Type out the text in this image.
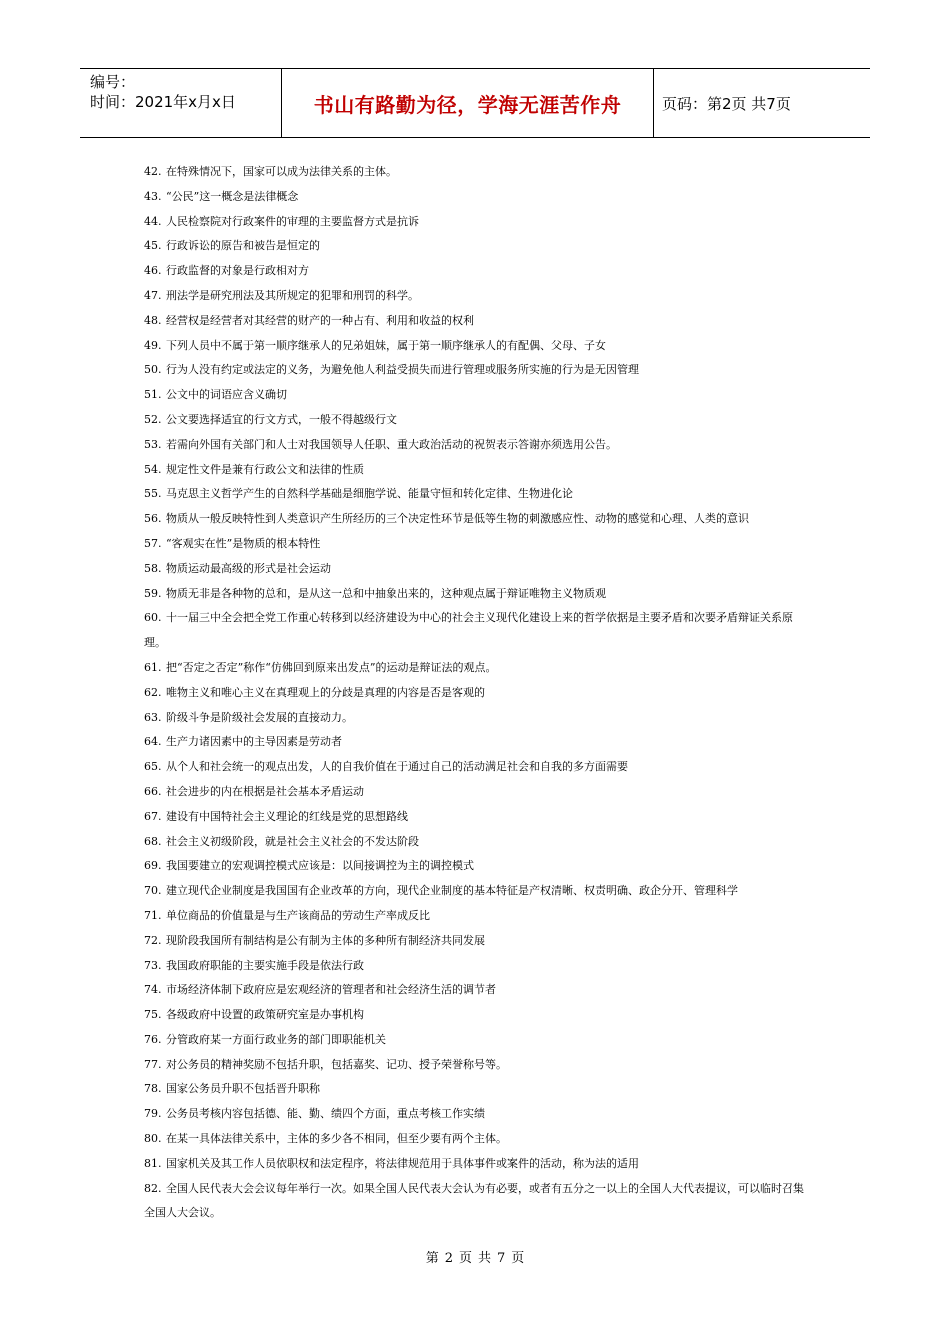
编号：
时间：2021年x月x日	书山有路勤为径，学海无涯苦作舟	页码：第2页 共7页
42. 在特殊情况下，国家可以成为法律关系的主体。
43. “公民”这一概念是法律概念
44. 人民检察院对行政案件的审理的主要监督方式是抗诉
45. 行政诉讼的原告和被告是恒定的
46. 行政监督的对象是行政相对方
47. 刑法学是研究刑法及其所规定的犯罪和刑罚的科学。
48. 经营权是经营者对其经营的财产的一种占有、利用和收益的权利
49. 下列人员中不属于第一顺序继承人的兄弟姐妹，属于第一顺序继承人的有配偶、父母、子女
50. 行为人没有约定或法定的义务，为避免他人利益受损失而进行管理或服务所实施的行为是无因管理
51. 公文中的词语应含义确切
52. 公文要选择适宜的行文方式，一般不得越级行文
53. 若需向外国有关部门和人士对我国领导人任职、重大政治活动的祝贺表示答谢亦须选用公告。
54. 规定性文件是兼有行政公文和法律的性质
55. 马克思主义哲学产生的自然科学基础是细胞学说、能量守恒和转化定律、生物进化论
56. 物质从一般反映特性到人类意识产生所经历的三个决定性环节是低等生物的刺激感应性、动物的感觉和心理、人类的意识
57. “客观实在性”是物质的根本特性
58. 物质运动最高级的形式是社会运动
59. 物质无非是各种物的总和，是从这一总和中抽象出来的，这种观点属于辩证唯物主义物质观
60. 十一届三中全会把全党工作重心转移到以经济建设为中心的社会主义现代化建设上来的哲学依据是主要矛盾和次要矛盾辩证关系原理。
61. 把“否定之否定”称作“仿佛回到原来出发点”的运动是辩证法的观点。
62. 唯物主义和唯心主义在真理观上的分歧是真理的内容是否是客观的
63. 阶级斗争是阶级社会发展的直接动力。
64. 生产力诸因素中的主导因素是劳动者
65. 从个人和社会统一的观点出发，人的自我价值在于通过自己的活动满足社会和自我的多方面需要
66. 社会进步的内在根据是社会基本矛盾运动
67. 建设有中国特社会主义理论的红线是党的思想路线
68. 社会主义初级阶段，就是社会主义社会的不发达阶段
69. 我国要建立的宏观调控模式应该是：以间接调控为主的调控模式
70. 建立现代企业制度是我国国有企业改革的方向，现代企业制度的基本特征是产权清晰、权责明确、政企分开、管理科学
71. 单位商品的价值量是与生产该商品的劳动生产率成反比
72. 现阶段我国所有制结构是公有制为主体的多种所有制经济共同发展
73. 我国政府职能的主要实施手段是依法行政
74. 市场经济体制下政府应是宏观经济的管理者和社会经济生活的调节者
75. 各级政府中设置的政策研究室是办事机构
76. 分管政府某一方面行政业务的部门即职能机关
77. 对公务员的精神奖励不包括升职，包括嘉奖、记功、授予荣誉称号等。
78. 国家公务员升职不包括晋升职称
79. 公务员考核内容包括德、能、勤、绩四个方面，重点考核工作实绩
80. 在某一具体法律关系中，主体的多少各不相同，但至少要有两个主体。
81. 国家机关及其工作人员依职权和法定程序，将法律规范用于具体事件或案件的活动，称为法的适用
82. 全国人民代表大会会议每年举行一次。如果全国人民代表大会认为有必要，或者有五分之一以上的全国人大代表提议，可以临时召集全国人大会议。
第 2 页 共 7 页
